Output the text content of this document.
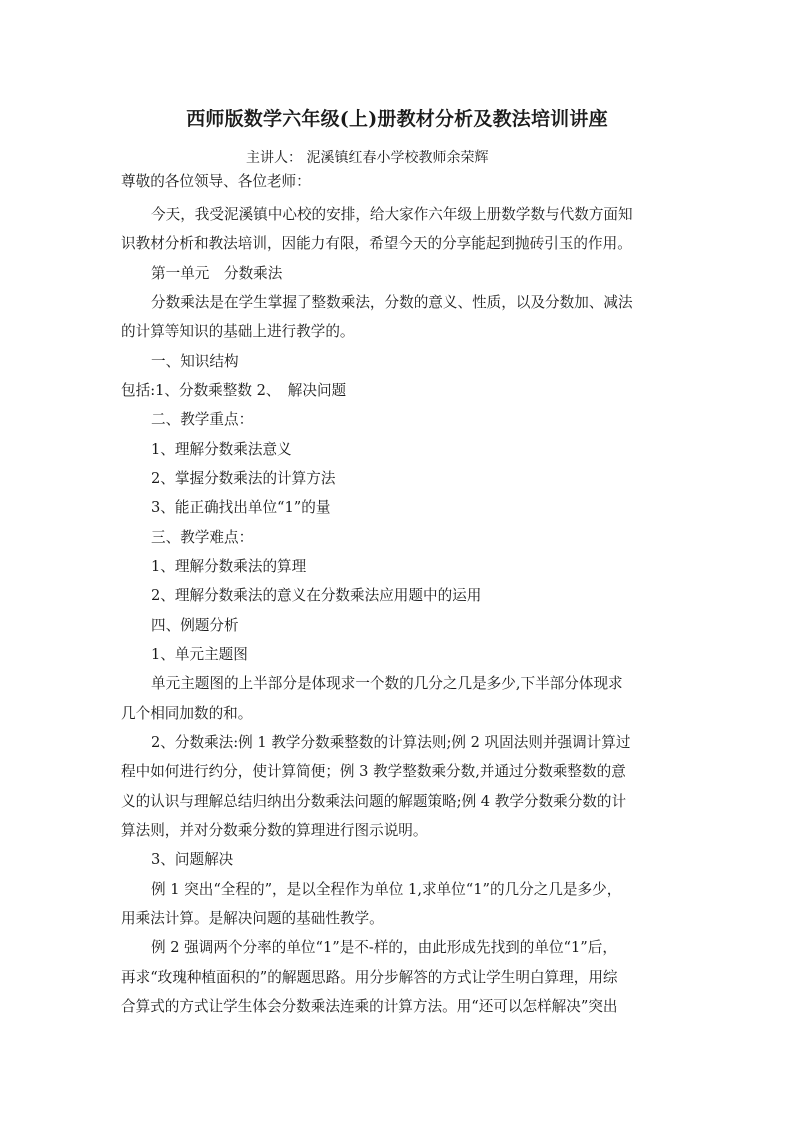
西师版数学六年级(上)册教材分析及教法培训讲座
主讲人： 泥溪镇红春小学校教师余荣辉
尊敬的各位领导、各位老师：
今天，我受泥溪镇中心校的安排，给大家作六年级上册数学数与代数方面知
识教材分析和教法培训，因能力有限，希望今天的分享能起到抛砖引玉的作用。
第一单元　分数乘法
分数乘法是在学生掌握了整数乘法，分数的意义、性质，以及分数加、减法
的计算等知识的基础上进行教学的。
一、知识结构
包括:1、分数乘整数 2、　解决问题
二、教学重点：
1、理解分数乘法意义
2、掌握分数乘法的计算方法
3、能正确找出单位“1”的量
三、教学难点：
1、理解分数乘法的算理
2、理解分数乘法的意义在分数乘法应用题中的运用
四、例题分析
1、单元主题图
单元主题图的上半部分是体现求一个数的几分之几是多少,下半部分体现求
几个相同加数的和。
2、分数乘法:例 1 教学分数乘整数的计算法则;例 2 巩固法则并强调计算过
程中如何进行约分，使计算简便；例 3 教学整数乘分数,并通过分数乘整数的意
义的认识与理解总结归纳出分数乘法问题的解题策略;例 4 教学分数乘分数的计
算法则，并对分数乘分数的算理进行图示说明。
3、问题解决
例 1 突出“全程的”，是以全程作为单位 1,求单位“1”的几分之几是多少，
用乘法计算。是解决问题的基础性教学。
例 2 强调两个分率的单位“1”是不-样的，由此形成先找到的单位“1”后，
再求“玫瑰种植面积的”的解题思路。用分步解答的方式让学生明白算理，用综
合算式的方式让学生体会分数乘法连乘的计算方法。用“还可以怎样解决”突出
